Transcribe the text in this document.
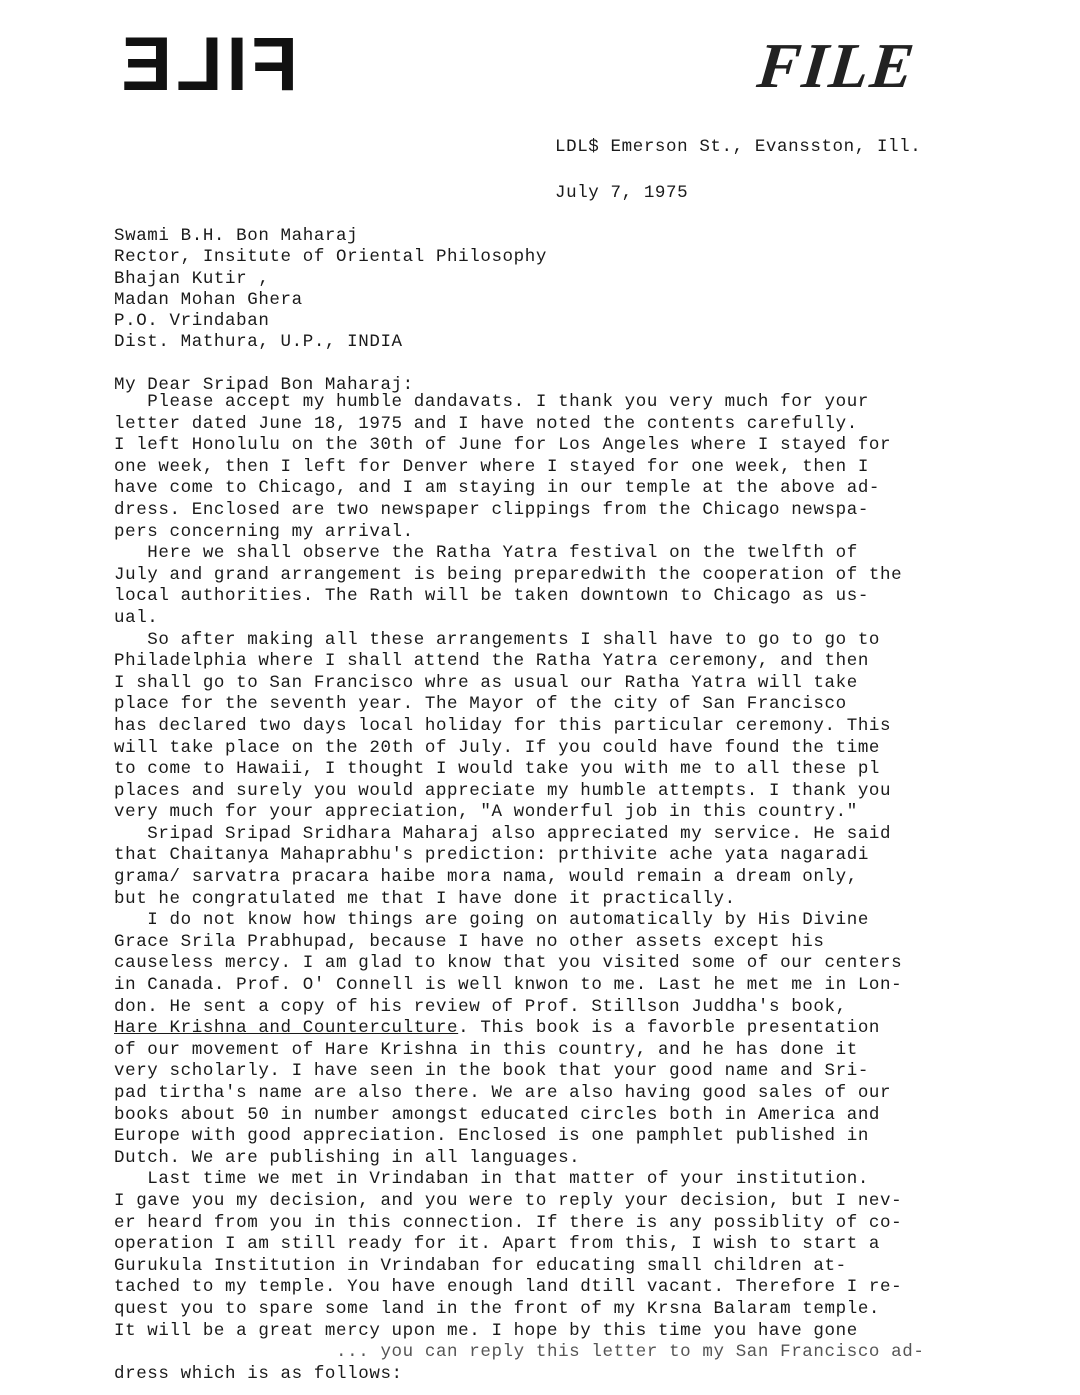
FILE	FILE
LDL$ Emerson St., Evansston, Ill.
July 7, 1975
Swami B.H. Bon Maharaj
Rector, Insitute of Oriental Philosophy
Bhajan Kutir ,
Madan Mohan Ghera
P.O. Vrindaban
Dist. Mathura, U.P., INDIA
My Dear Sripad Bon Maharaj:
Please accept my humble dandavats. I thank you very much for your
letter dated June 18, 1975 and I have noted the contents carefully.
I left Honolulu on the 30th of June for Los Angeles where I stayed for
one week, then I left for Denver where I stayed for one week, then I
have come to Chicago, and I am staying in our temple at the above ad-
dress. Enclosed are two newspaper clippings from the Chicago newspa-
pers concerning my arrival.
Here we shall observe the Ratha Yatra festival on the twelfth of
July and grand arrangement is being preparedwith the cooperation of the
local authorities. The Rath will be taken downtown to Chicago as us-
ual.
So after making all these arrangements I shall have to go to go to
Philadelphia where I shall attend the Ratha Yatra ceremony, and then
I shall go to San Francisco whre as usual our Ratha Yatra will take
place for the seventh year. The Mayor of the city of San Francisco
has declared two days local holiday for this particular ceremony. This
will take place on the 20th of July. If you could have found the time
to come to Hawaii, I thought I would take you with me to all these pl
places and surely you would appreciate my humble attempts. I thank you
very much for your appreciation, "A wonderful job in this country."
Sripad Sripad Sridhara Maharaj also appreciated my service. He said
that Chaitanya Mahaprabhu's prediction: prthivite ache yata nagaradi
grama/ sarvatra pracara haibe mora nama, would remain a dream only,
but he congratulated me that I have done it practically.
I do not know how things are going on automatically by His Divine
Grace Srila Prabhupad, because I have no other assets except his
causeless mercy. I am glad to know that you visited some of our centers
in Canada. Prof. O' Connell is well knwon to me. Last he met me in Lon-
don. He sent a copy of his review of Prof. Stillson Juddha's book,
Hare Krishna and Counterculture. This book is a favorble presentation
of our movement of Hare Krishna in this country, and he has done it
very scholarly. I have seen in the book that your good name and Sri-
pad tirtha's name are also there. We are also having good sales of our
books about 50 in number amongst educated circles both in America and
Europe with good appreciation. Enclosed is one pamphlet published in
Dutch. We are publishing in all languages.
Last time we met in Vrindaban in that matter of your institution.
I gave you my decision, and you were to reply your decision, but I nev-
er heard from you in this connection. If there is any possiblity of co-
operation I am still ready for it. Apart from this, I wish to start a
Gurukula Institution in Vrindaban for educating small children at-
tached to my temple. You have enough land dtill vacant. Therefore I re-
quest you to spare some land in the front of my Krsna Balaram temple.
It will be a great mercy upon me. I hope by this time you have gone
... you can reply this letter to my San Francisco ad-
dress which is as follows:
